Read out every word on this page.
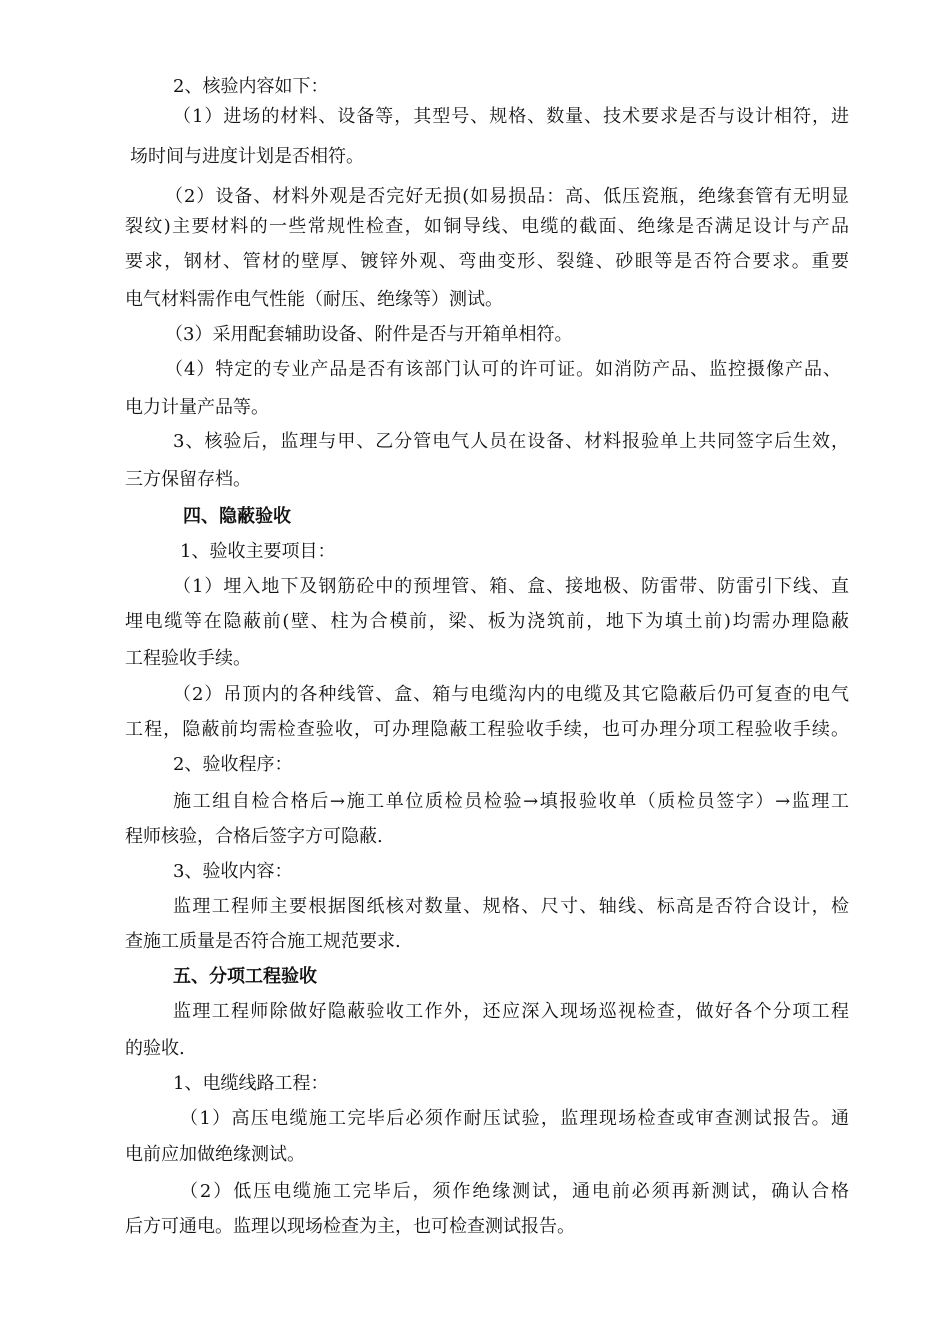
2、核验内容如下：

（1）进场的材料、设备等，其型号、规格、数量、技术要求是否与设计相符，进

场时间与进度计划是否相符。

（2）设备、材料外观是否完好无损(如易损品：高、低压瓷瓶，绝缘套管有无明显

裂纹)主要材料的一些常规性检查，如铜导线、电缆的截面、绝缘是否满足设计与产品

要求，钢材、管材的壁厚、镀锌外观、弯曲变形、裂缝、砂眼等是否符合要求。重要

电气材料需作电气性能（耐压、绝缘等）测试。

（3）采用配套辅助设备、附件是否与开箱单相符。

（4）特定的专业产品是否有该部门认可的许可证。如消防产品、监控摄像产品、

电力计量产品等。

3、核验后，监理与甲、乙分管电气人员在设备、材料报验单上共同签字后生效，

三方保留存档。

四、隐蔽验收

1、验收主要项目：

（1）埋入地下及钢筋砼中的预埋管、箱、盒、接地极、防雷带、防雷引下线、直

埋电缆等在隐蔽前(壁、柱为合模前，梁、板为浇筑前，地下为填土前)均需办理隐蔽

工程验收手续。

（2）吊顶内的各种线管、盒、箱与电缆沟内的电缆及其它隐蔽后仍可复查的电气

工程，隐蔽前均需检查验收，可办理隐蔽工程验收手续，也可办理分项工程验收手续。

2、验收程序：

施工组自检合格后→施工单位质检员检验→填报验收单（质检员签字）→监理工

程师核验，合格后签字方可隐蔽.

3、验收内容：

监理工程师主要根据图纸核对数量、规格、尺寸、轴线、标高是否符合设计，检

查施工质量是否符合施工规范要求.

五、分项工程验收

监理工程师除做好隐蔽验收工作外，还应深入现场巡视检查，做好各个分项工程

的验收.

1、电缆线路工程：

（1）高压电缆施工完毕后必须作耐压试验，监理现场检查或审查测试报告。通

电前应加做绝缘测试。

（2）低压电缆施工完毕后，须作绝缘测试，通电前必须再新测试，确认合格

后方可通电。监理以现场检查为主，也可检查测试报告。
